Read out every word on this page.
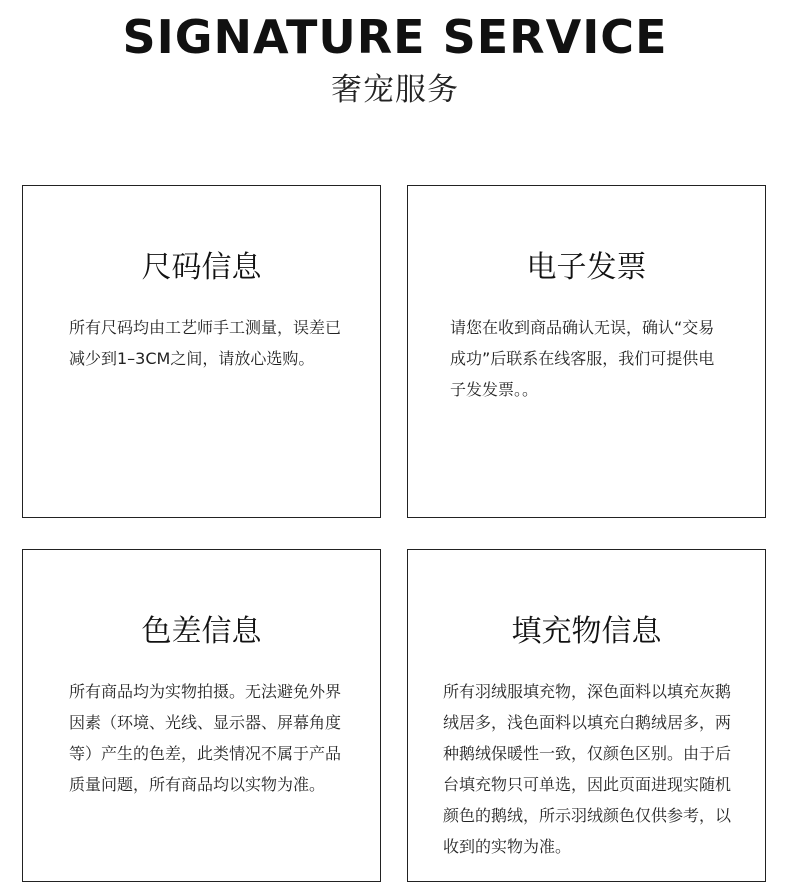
SIGNATURE SERVICE
奢宠服务
尺码信息
所有尺码均由工艺师手工测量，误差已减少到1–3CM之间，请放心选购。
电子发票
请您在收到商品确认无误，确认“交易成功”后联系在线客服，我们可提供电子发发票。。
色差信息
所有商品均为实物拍摄。无法避免外界因素（环境、光线、显示器、屏幕角度等）产生的色差，此类情况不属于产品质量问题，所有商品均以实物为准。
填充物信息
所有羽绒服填充物，深色面料以填充灰鹅绒居多，浅色面料以填充白鹅绒居多，两种鹅绒保暖性一致，仅颜色区别。由于后台填充物只可单选，因此页面进现实随机颜色的鹅绒，所示羽绒颜色仅供参考，以收到的实物为准。
